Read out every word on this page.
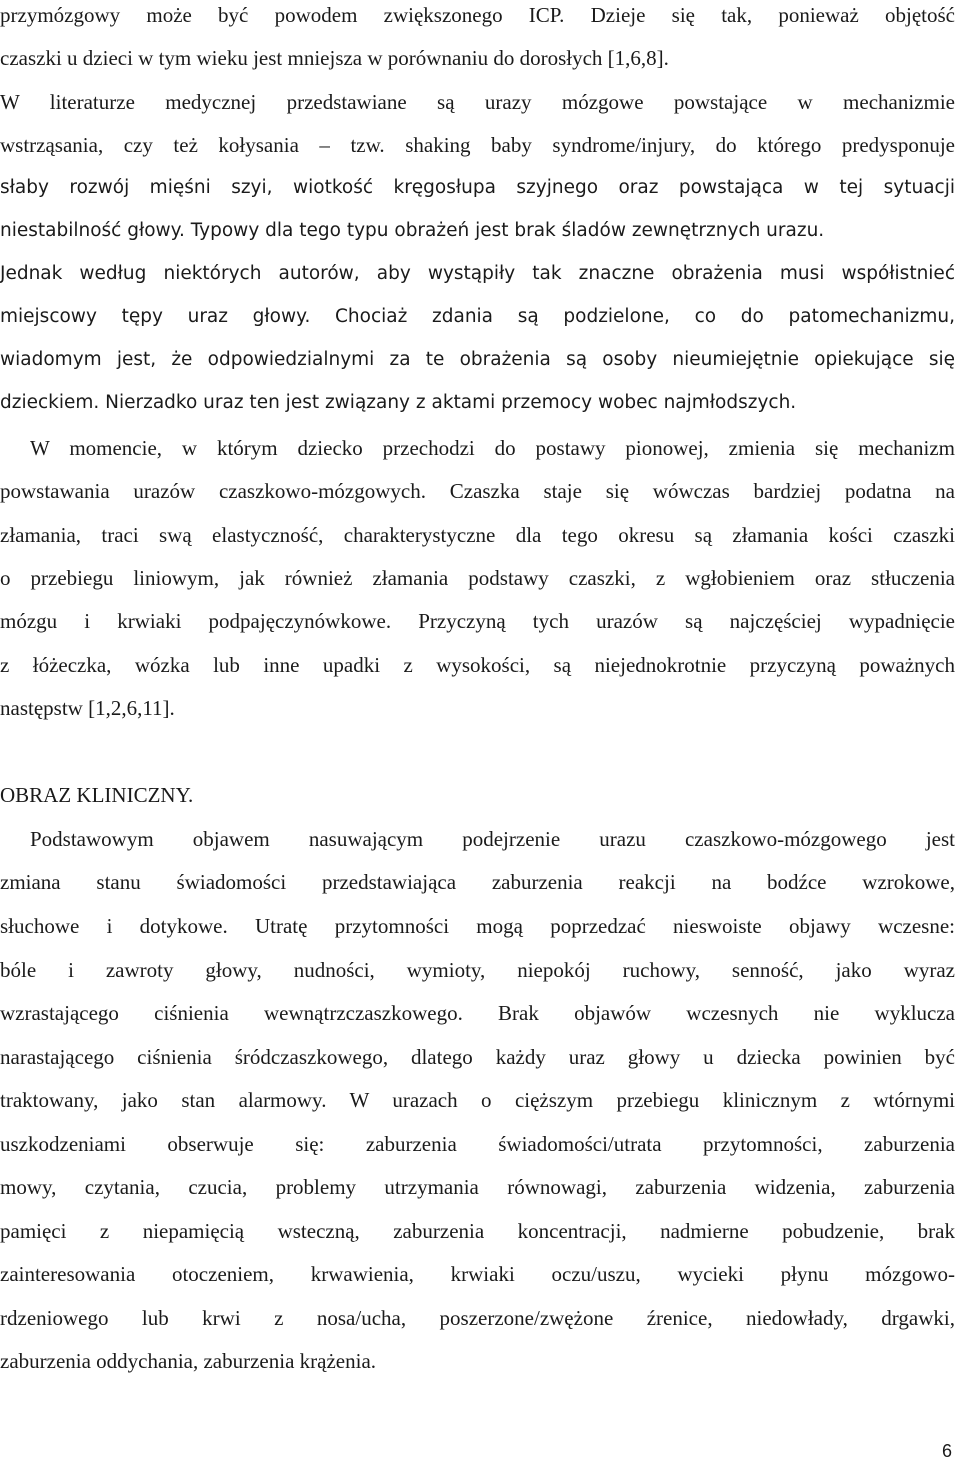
przymózgowy może być powodem zwiększonego ICP. Dzieje się tak, ponieważ objętość
czaszki u dzieci w tym wieku jest mniejsza w porównaniu do dorosłych [1,6,8].
W literaturze medycznej przedstawiane są urazy mózgowe powstające w mechanizmie
wstrząsania, czy też kołysania – tzw. shaking baby syndrome/injury, do którego predysponuje
słaby rozwój mięśni szyi, wiotkość kręgosłupa szyjnego oraz powstająca w tej sytuacji
niestabilność głowy. Typowy dla tego typu obrażeń jest brak śladów zewnętrznych urazu.
Jednak według niektórych autorów, aby wystąpiły tak znaczne obrażenia musi współistnieć
miejscowy tępy uraz głowy. Chociaż zdania są podzielone, co do patomechanizmu,
wiadomym jest, że odpowiedzialnymi za te obrażenia są osoby nieumiejętnie opiekujące się
dzieckiem. Nierzadko uraz ten jest związany z aktami przemocy wobec najmłodszych.
W momencie, w którym dziecko przechodzi do postawy pionowej, zmienia się mechanizm
powstawania urazów czaszkowo-mózgowych. Czaszka staje się wówczas bardziej podatna na
złamania, traci swą elastyczność, charakterystyczne dla tego okresu są złamania kości czaszki
o przebiegu liniowym, jak również złamania podstawy czaszki, z wgłobieniem oraz stłuczenia
mózgu i krwiaki podpajęczynówkowe. Przyczyną tych urazów są najczęściej wypadnięcie
z łóżeczka, wózka lub inne upadki z wysokości, są niejednokrotnie przyczyną poważnych
następstw [1,2,6,11].
OBRAZ KLINICZNY.
Podstawowym objawem nasuwającym podejrzenie urazu czaszkowo-mózgowego jest
zmiana stanu świadomości przedstawiająca zaburzenia reakcji na bodźce wzrokowe,
słuchowe i dotykowe. Utratę przytomności mogą poprzedzać nieswoiste objawy wczesne:
bóle i zawroty głowy, nudności, wymioty, niepokój ruchowy, senność, jako wyraz
wzrastającego ciśnienia wewnątrzczaszkowego. Brak objawów wczesnych nie wyklucza
narastającego ciśnienia śródczaszkowego, dlatego każdy uraz głowy u dziecka powinien być
traktowany, jako stan alarmowy. W urazach o cięższym przebiegu klinicznym z wtórnymi
uszkodzeniami obserwuje się: zaburzenia świadomości/utrata przytomności, zaburzenia
mowy, czytania, czucia, problemy utrzymania równowagi, zaburzenia widzenia, zaburzenia
pamięci z niepamięcią wsteczną, zaburzenia koncentracji, nadmierne pobudzenie, brak
zainteresowania otoczeniem, krwawienia, krwiaki oczu/uszu, wycieki płynu mózgowo-
rdzeniowego lub krwi z nosa/ucha, poszerzone/zwężone źrenice, niedowłady, drgawki,
zaburzenia oddychania, zaburzenia krążenia.
6
